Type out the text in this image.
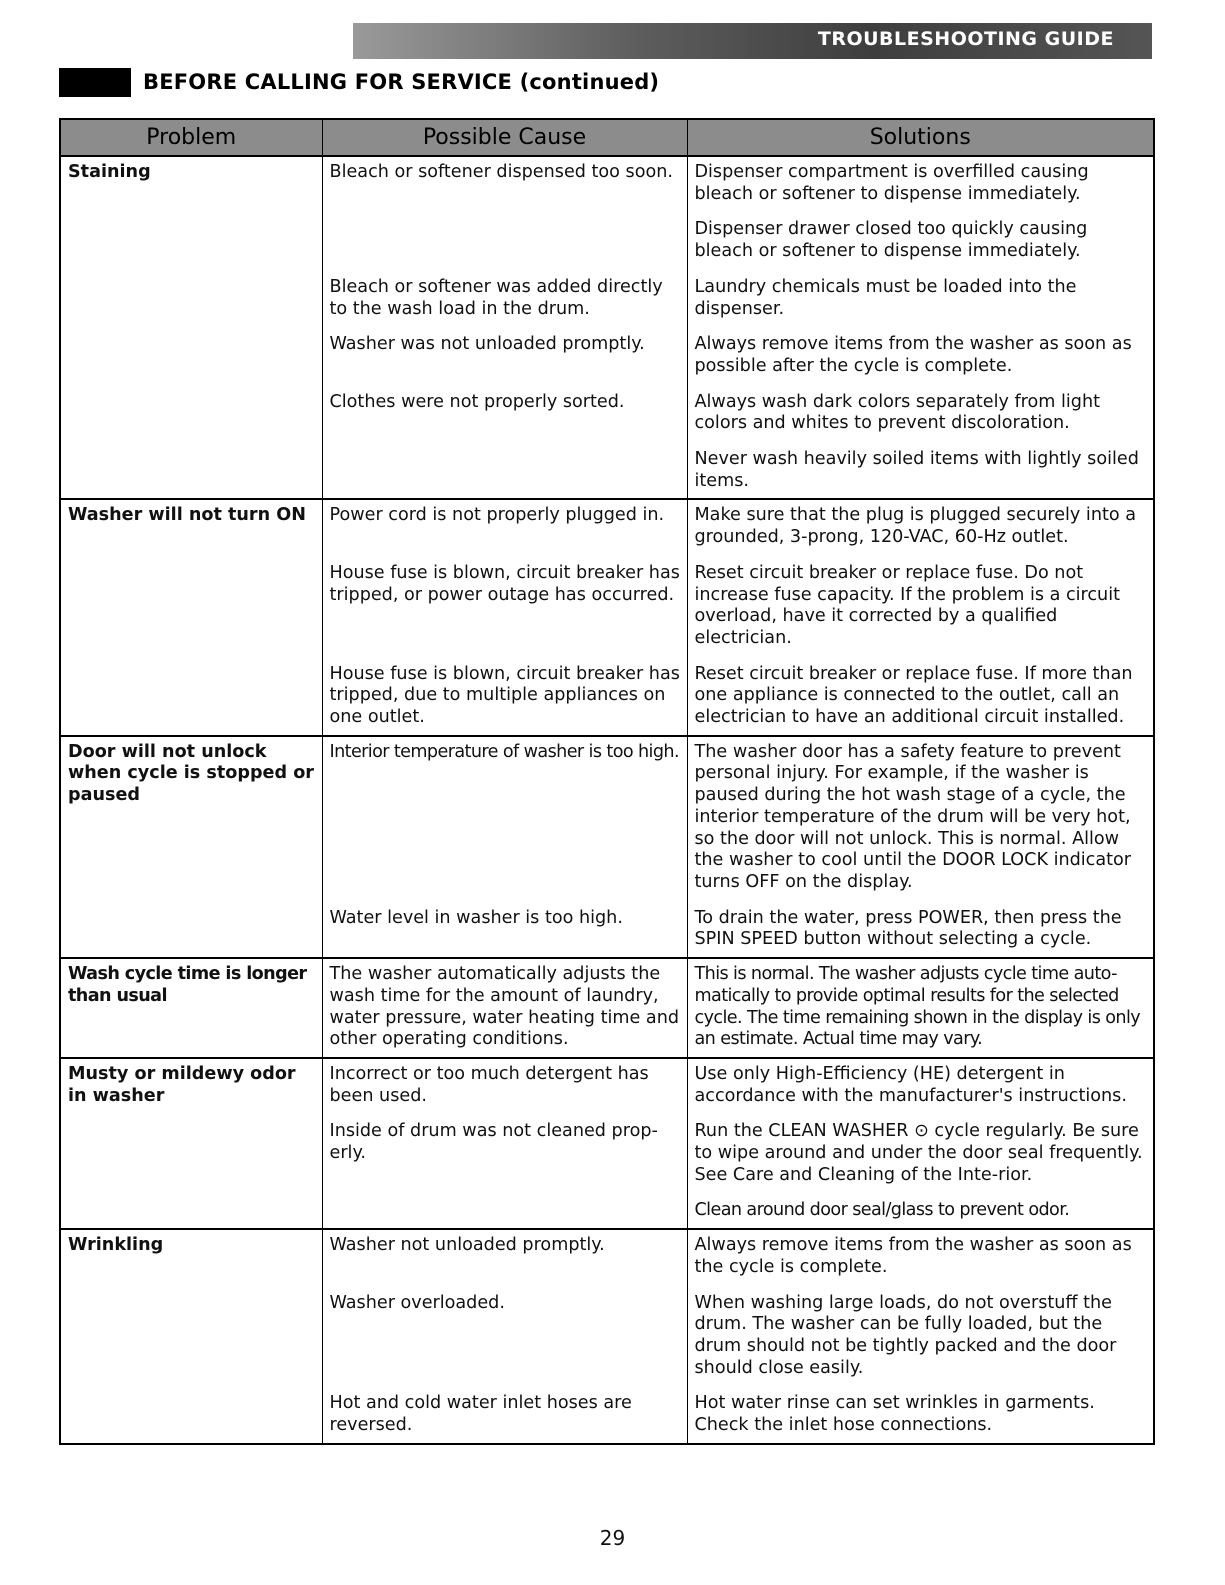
TROUBLESHOOTING GUIDE
BEFORE CALLING FOR SERVICE (continued)
Problem	Possible Cause	Solutions
Staining	Bleach or softener dispensed too soon.	Dispenser compartment is overfilled causing bleach or softener to dispense immediately.
		Dispenser drawer closed too quickly causing bleach or softener to dispense immediately.
	Bleach or softener was added directly to the wash load in the drum.	Laundry chemicals must be loaded into the dispenser.
	Washer was not unloaded promptly.	Always remove items from the washer as soon as possible after the cycle is complete.
	Clothes were not properly sorted.	Always wash dark colors separately from light colors and whites to prevent discoloration.
		Never wash heavily soiled items with lightly soiled items.
Washer will not turn ON	Power cord is not properly plugged in.	Make sure that the plug is plugged securely into a grounded, 3-prong, 120-VAC, 60-Hz outlet.
	House fuse is blown, circuit breaker has tripped, or power outage has occurred.	Reset circuit breaker or replace fuse. Do not increase fuse capacity. If the problem is a circuit overload, have it corrected by a qualified electrician.
	House fuse is blown, circuit breaker has tripped, due to multiple appliances on one outlet.	Reset circuit breaker or replace fuse. If more than one appliance is connected to the outlet, call an electrician to have an additional circuit installed.
Door will not unlock when cycle is stopped or paused	Interior temperature of washer is too high.	The washer door has a safety feature to prevent personal injury. For example, if the washer is paused during the hot wash stage of a cycle, the interior temperature of the drum will be very hot, so the door will not unlock. This is normal. Allow the washer to cool until the DOOR LOCK indicator turns OFF on the display.
	Water level in washer is too high.	To drain the water, press POWER, then press the SPIN SPEED button without selecting a cycle.
Wash cycle time is longer than usual	The washer automatically adjusts the wash time for the amount of laundry, water pressure, water heating time and other operating conditions.	This is normal. The washer adjusts cycle time auto-matically to provide optimal results for the selected cycle. The time remaining shown in the display is only an estimate. Actual time may vary.
Musty or mildewy odor in washer	Incorrect or too much detergent has been used.	Use only High-Efficiency (HE) detergent in accordance with the manufacturer's instructions.
	Inside of drum was not cleaned prop-erly.	Run the CLEAN WASHER ⊙ cycle regularly. Be sure to wipe around and under the door seal frequently. See Care and Cleaning of the Inte-rior.
		Clean around door seal/glass to prevent odor.
Wrinkling	Washer not unloaded promptly.	Always remove items from the washer as soon as the cycle is complete.
	Washer overloaded.	When washing large loads, do not overstuff the drum. The washer can be fully loaded, but the drum should not be tightly packed and the door should close easily.
	Hot and cold water inlet hoses are reversed.	Hot water rinse can set wrinkles in garments. Check the inlet hose connections.
29
